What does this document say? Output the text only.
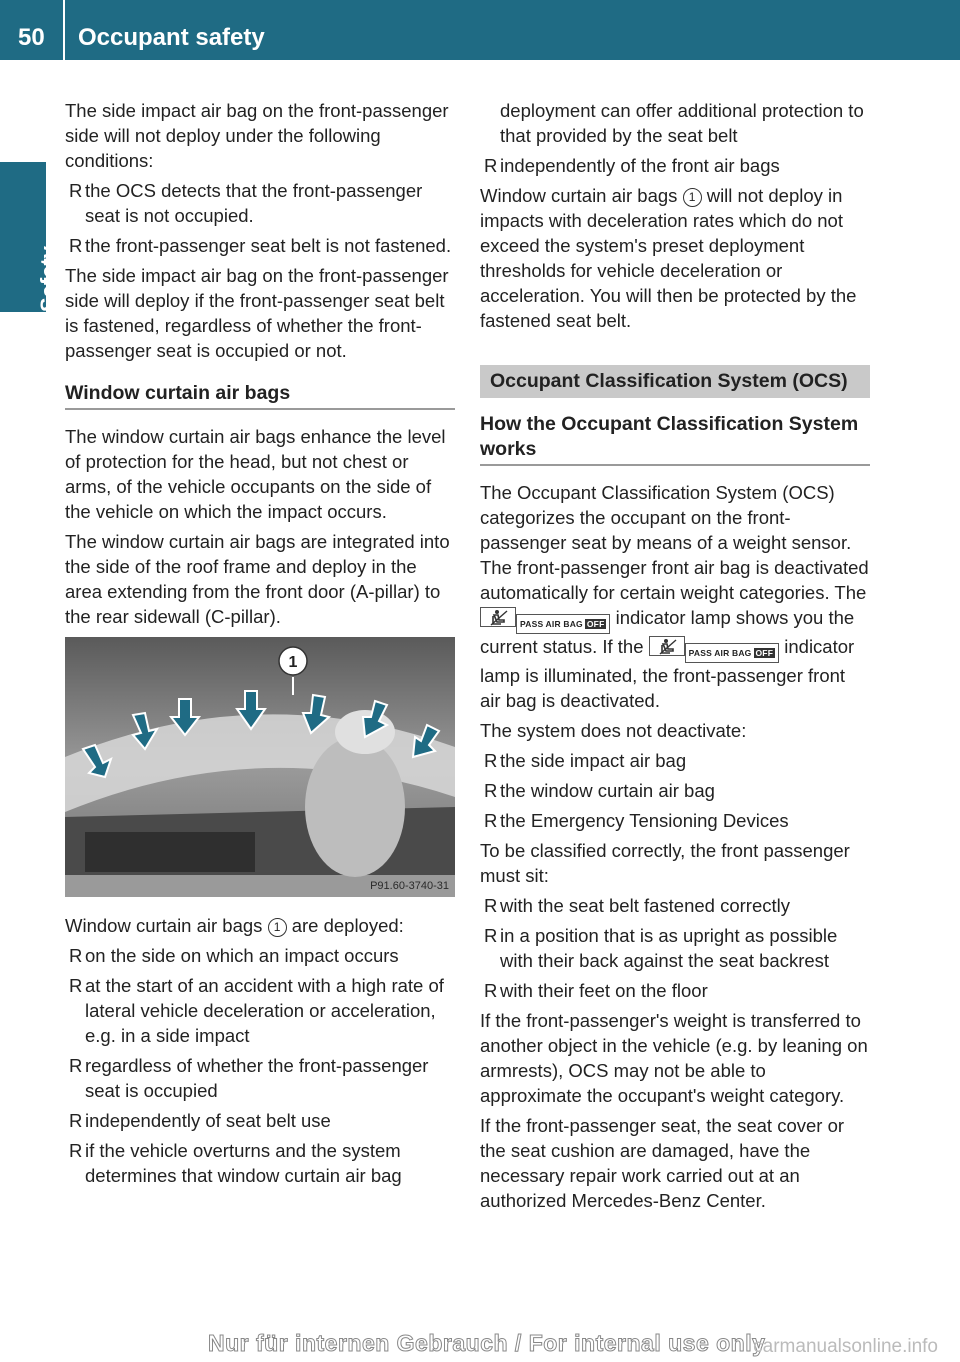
50 Occupant safety
Safety

The side impact air bag on the front-passenger side will not deploy under the following conditions:

R the OCS detects that the front-passenger seat is not occupied.
R the front-passenger seat belt is not fastened.

The side impact air bag on the front-passenger side will deploy if the front-passenger seat belt is fastened, regardless of whether the front-passenger seat is occupied or not.

Window curtain air bags

The window curtain air bags enhance the level of protection for the head, but not chest or arms, of the vehicle occupants on the side of the vehicle on which the impact occurs.

The window curtain air bags are integrated into the side of the roof frame and deploy in the area extending from the front door (A-pillar) to the rear sidewall (C-pillar).

1
P91.60-3740-31

Window curtain air bags 1 are deployed:

R on the side on which an impact occurs
R at the start of an accident with a high rate of lateral vehicle deceleration or acceleration, e.g. in a side impact
R regardless of whether the front-passenger seat is occupied
R independently of seat belt use
R if the vehicle overturns and the system determines that window curtain air bag

deployment can offer additional protection to that provided by the seat belt

R independently of the front air bags

Window curtain air bags 1 will not deploy in impacts with deceleration rates which do not exceed the system's preset deployment thresholds for vehicle deceleration or acceleration. You will then be protected by the fastened seat belt.

Occupant Classification System (OCS)
How the Occupant Classification System works

The Occupant Classification System (OCS) categorizes the occupant on the front-passenger seat by means of a weight sensor. The front-passenger front air bag is deactivated automatically for certain weight categories. The
PASS AIR BAG OFF indicator lamp shows you the current status. If the	PASS AIR BAG OFF indicator lamp is illuminated, the front-passenger front air bag is deactivated.

The system does not deactivate:

R the side impact air bag
R the window curtain air bag
R the Emergency Tensioning Devices

To be classified correctly, the front passenger must sit:

R with the seat belt fastened correctly
R in a position that is as upright as possible with their back against the seat backrest
R with their feet on the floor

If the front-passenger's weight is transferred to another object in the vehicle (e.g. by leaning on armrests), OCS may not be able to approximate the occupant's weight category.

If the front-passenger seat, the seat cover or the seat cushion are damaged, have the necessary repair work carried out at an authorized Mercedes-Benz Center.

Nur für internen Gebrauch / For internal use only
carmanualsonline.info
